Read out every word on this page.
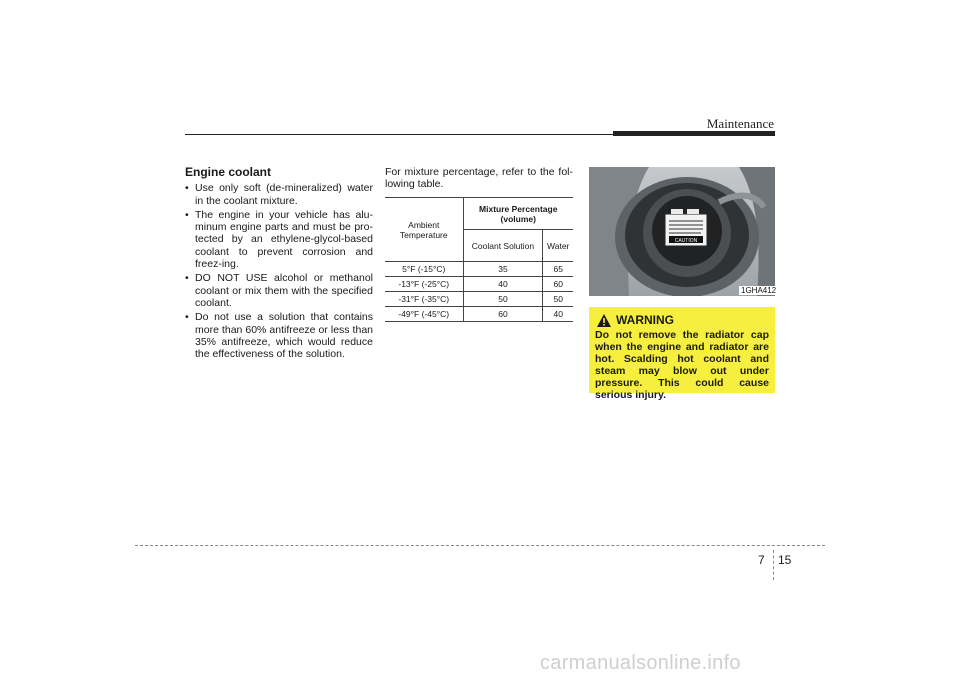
Maintenance
Engine coolant
• Use only soft (de-mineralized) water in the coolant mixture.
• The engine in your vehicle has alu-minum engine parts and must be pro-tected by an ethylene-glycol-based coolant to prevent corrosion and freez-ing.
• DO NOT USE alcohol or methanol coolant or mix them with the specified coolant.
• Do not use a solution that contains more than 60% antifreeze or less than 35% antifreeze, which would reduce the effectiveness of the solution.
For mixture percentage, refer to the fol-lowing table.
Ambient Temperature	Mixture Percentage (volume)	
	Coolant Solution	Water
5°F (-15°C)	35	65
-13°F (-25°C)	40	60
-31°F (-35°C)	50	50
-49°F (-45°C)	60	40
CAUTION
1GHA412
WARNING
Do not remove the radiator cap when the engine and radiator are hot. Scalding hot coolant and steam may blow out under pressure. This could cause serious injury.
7 15
carmanualsonline.info
